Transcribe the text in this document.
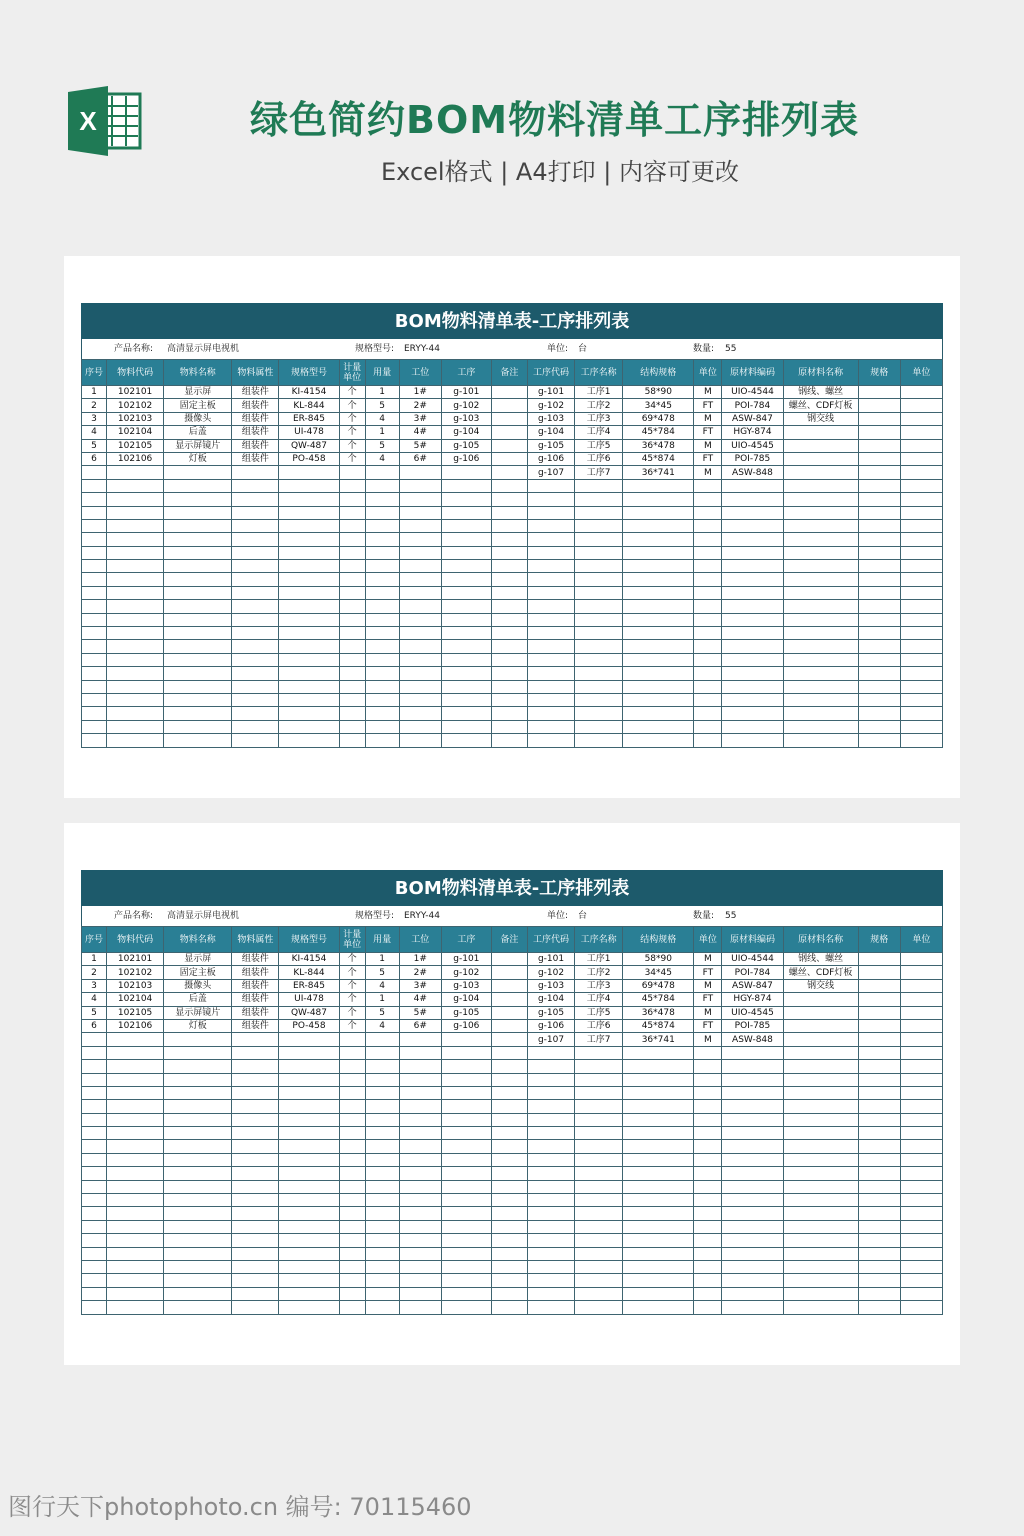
X	绿色简约BOM物料清单工序排列表
Excel格式 | A4打印 | 内容可更改
BOM物料清单表-工序排列表
产品名称: 高清显示屏电视机	规格型号: ERYY-44	单位: 台	数量: 55
序号	物料代码	物料名称	物料属性	规格型号	计量单位	用量	工位	工序	备注	工序代码	工序名称	结构规格	单位	原材料编码	原材料名称	规格	单位
1	102101	显示屏	组装件	KI-4154	个	1	1#	g-101		g-101	工序1	58*90	M	UIO-4544	钢线、螺丝		
2	102102	固定主板	组装件	KL-844	个	5	2#	g-102		g-102	工序2	34*45	FT	POI-784	螺丝、CDF灯板		
3	102103	摄像头	组装件	ER-845	个	4	3#	g-103		g-103	工序3	69*478	M	ASW-847	钢交线		
4	102104	后盖	组装件	UI-478	个	1	4#	g-104		g-104	工序4	45*784	FT	HGY-874			
5	102105	显示屏镜片	组装件	QW-487	个	5	5#	g-105		g-105	工序5	36*478	M	UIO-4545			
6	102106	灯板	组装件	PO-458	个	4	6#	g-106		g-106	工序6	45*874	FT	POI-785			
										g-107	工序7	36*741	M	ASW-848			

BOM物料清单表-工序排列表
产品名称: 高清显示屏电视机	规格型号: ERYY-44	单位: 台	数量: 55
序号	物料代码	物料名称	物料属性	规格型号	计量单位	用量	工位	工序	备注	工序代码	工序名称	结构规格	单位	原材料编码	原材料名称	规格	单位
1	102101	显示屏	组装件	KI-4154	个	1	1#	g-101		g-101	工序1	58*90	M	UIO-4544	钢线、螺丝		
2	102102	固定主板	组装件	KL-844	个	5	2#	g-102		g-102	工序2	34*45	FT	POI-784	螺丝、CDF灯板		
3	102103	摄像头	组装件	ER-845	个	4	3#	g-103		g-103	工序3	69*478	M	ASW-847	钢交线		
4	102104	后盖	组装件	UI-478	个	1	4#	g-104		g-104	工序4	45*784	FT	HGY-874			
5	102105	显示屏镜片	组装件	QW-487	个	5	5#	g-105		g-105	工序5	36*478	M	UIO-4545			
6	102106	灯板	组装件	PO-458	个	4	6#	g-106		g-106	工序6	45*874	FT	POI-785			
										g-107	工序7	36*741	M	ASW-848			

图行天下photophoto.cn 编号: 70115460
